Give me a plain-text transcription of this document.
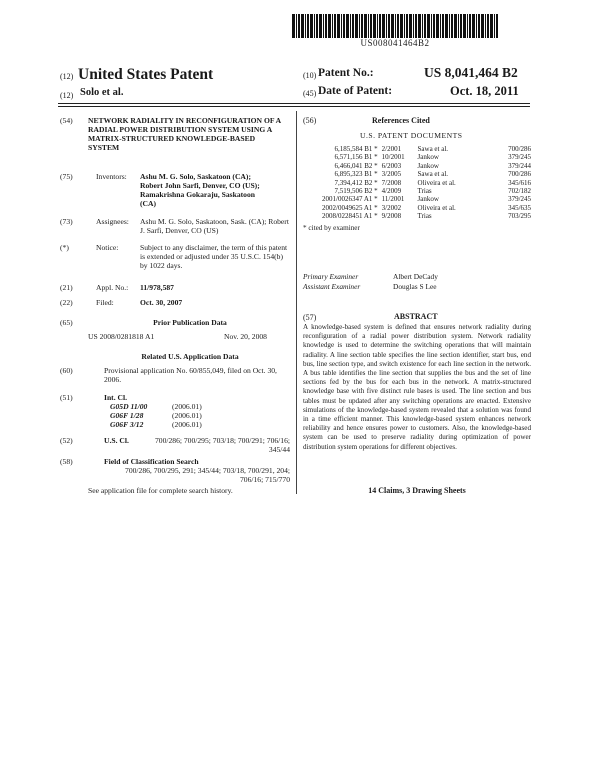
US008041464B2
(12) United States Patent
(12) Solo et al.
(10) Patent No.:	US 8,041,464 B2
(45) Date of Patent:	Oct. 18, 2011
(54) NETWORK RADIALITY IN RECONFIGURATION OF A RADIAL POWER DISTRIBUTION SYSTEM USING A MATRIX-STRUCTURED KNOWLEDGE-BASED SYSTEM
(75)	Inventors: Ashu M. G. Solo, Saskatoon (CA);
Robert John Sarfi, Denver, CO (US);
Ramakrishna Gokaraju, Saskatoon
(CA)
(73)	Assignees: Ashu M. G. Solo, Saskatoon, Sask. (CA); Robert J. Sarfi, Denver, CO (US)
(*)	Notice:	Subject to any disclaimer, the term of this patent is extended or adjusted under 35 U.S.C. 154(b) by 1022 days.
(21)	Appl. No.: 11/978,587
(22)	Filed:	Oct. 30, 2007
(65)	Prior Publication Data
US 2008/0281818 A1	Nov. 20, 2008
Related U.S. Application Data
(60)	Provisional application No. 60/855,049, filed on Oct. 30, 2006.
(51)	Int. Cl.
G05D 11/00	(2006.01)
G06F 1/28	(2006.01)
G06F 3/12	(2006.01)
(52)	U.S. Cl.	700/286; 700/295; 703/18; 700/291; 706/16; 345/44
(58)	Field of Classification Search
700/286, 700/295, 291; 345/44; 703/18, 700/291, 204; 706/16; 715/770
See application file for complete search history.
(56)	References Cited
U.S. PATENT DOCUMENTS
6,185,584 B1 * 2/2001	Sawa et al.	700/286
6,571,156 B1 * 10/2001	Jankow	379/245
6,466,041 B2 * 6/2003	Jankow	379/244
6,895,323 B1 * 3/2005	Sawa et al.	700/286
7,394,412 B2 * 7/2008	Oliveira et al.	345/616
7,519,506 B2 * 4/2009	Trias	702/182
2001/0026347 A1 * 11/2001	Jankow	379/245
2002/0049625 A1 * 3/2002	Oliveira et al.	345/635
2008/0228451 A1 * 9/2008	Trias	703/295
* cited by examiner
Primary Examiner	Albert DeCady
Assistant Examiner	Douglas S Lee
(57)	ABSTRACT
A knowledge-based system is defined that ensures network radiality during reconfiguration of a radial power distribution system. Network radiality knowledge is used to determine the switching operations that will maintain radiality. A line section table specifies the line section identifier, start bus, end bus, line section type, and switch existence for each line section in the network. A bus table identifies the line section that supplies the bus and the set of line sections fed by the bus for each bus in the network. A matrix-structured knowledge base with five distinct rule bases is used. The line section and bus tables must be updated after any switching operations are enacted. Extensive simulations of the knowledge-based system revealed that a solution was found in a time efficient manner. This knowledge-based system enhances network reliability and hence ensures power to customers. Also, the knowledge-based system can be used to preserve radiality during optimization of power distribution system operations for different objectives.
14 Claims, 3 Drawing Sheets
